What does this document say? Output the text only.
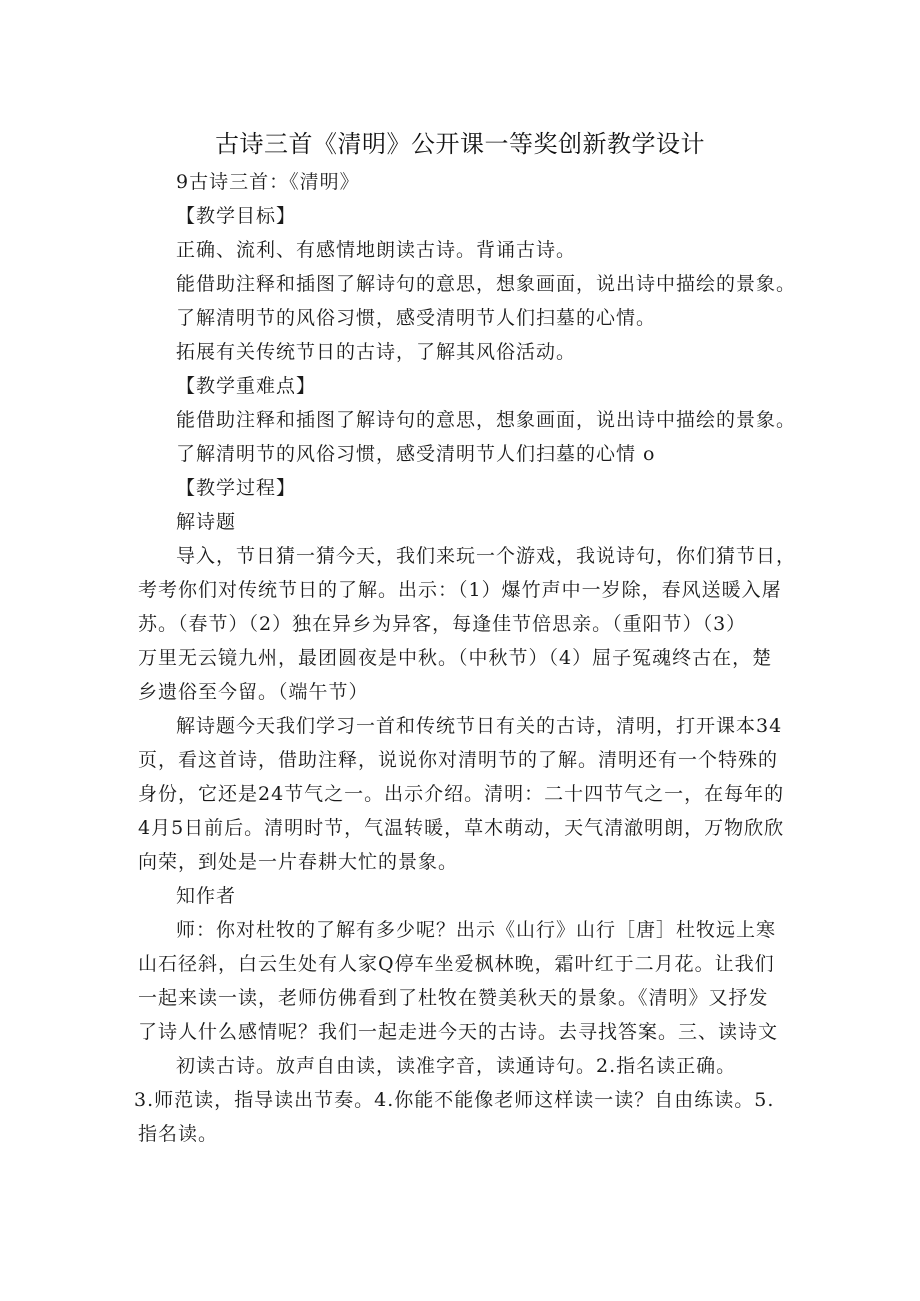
古诗三首《清明》公开课一等奖创新教学设计
9古诗三首：《清明》
【教学目标】
正确、流利、有感情地朗读古诗。背诵古诗。
能借助注释和插图了解诗句的意思，想象画面，说出诗中描绘的景象。
了解清明节的风俗习惯，感受清明节人们扫墓的心情。
拓展有关传统节日的古诗，了解其风俗活动。
【教学重难点】
能借助注释和插图了解诗句的意思，想象画面，说出诗中描绘的景象。
了解清明节的风俗习惯，感受清明节人们扫墓的心情 o
【教学过程】
解诗题
导入，节日猜一猜今天，我们来玩一个游戏，我说诗句，你们猜节日，
考考你们对传统节日的了解。出示：（1）爆竹声中一岁除，春风送暖入屠
苏。（春节）（2）独在异乡为异客，每逢佳节倍思亲。（重阳节）（3）
万里无云镜九州，最团圆夜是中秋。（中秋节）（4）屈子冤魂终古在，楚
乡遗俗至今留。（端午节）
解诗题今天我们学习一首和传统节日有关的古诗，清明，打开课本34
页，看这首诗，借助注释，说说你对清明节的了解。清明还有一个特殊的
身份，它还是24节气之一。出示介绍。清明：二十四节气之一，在每年的
4月5日前后。清明时节，气温转暖，草木萌动，天气清澈明朗，万物欣欣
向荣，到处是一片春耕大忙的景象。
知作者
师：你对杜牧的了解有多少呢？出示《山行》山行［唐］杜牧远上寒
山石径斜，白云生处有人家Q停车坐爱枫林晚，霜叶红于二月花。让我们
一起来读一读，老师仿佛看到了杜牧在赞美秋天的景象。《清明》又抒发
了诗人什么感情呢？我们一起走进今天的古诗。去寻找答案。三、读诗文
初读古诗。放声自由读，读准字音，读通诗句。2.指名读正确。
3.师范读，指导读出节奏。4.你能不能像老师这样读一读？自由练读。5.
指名读。
